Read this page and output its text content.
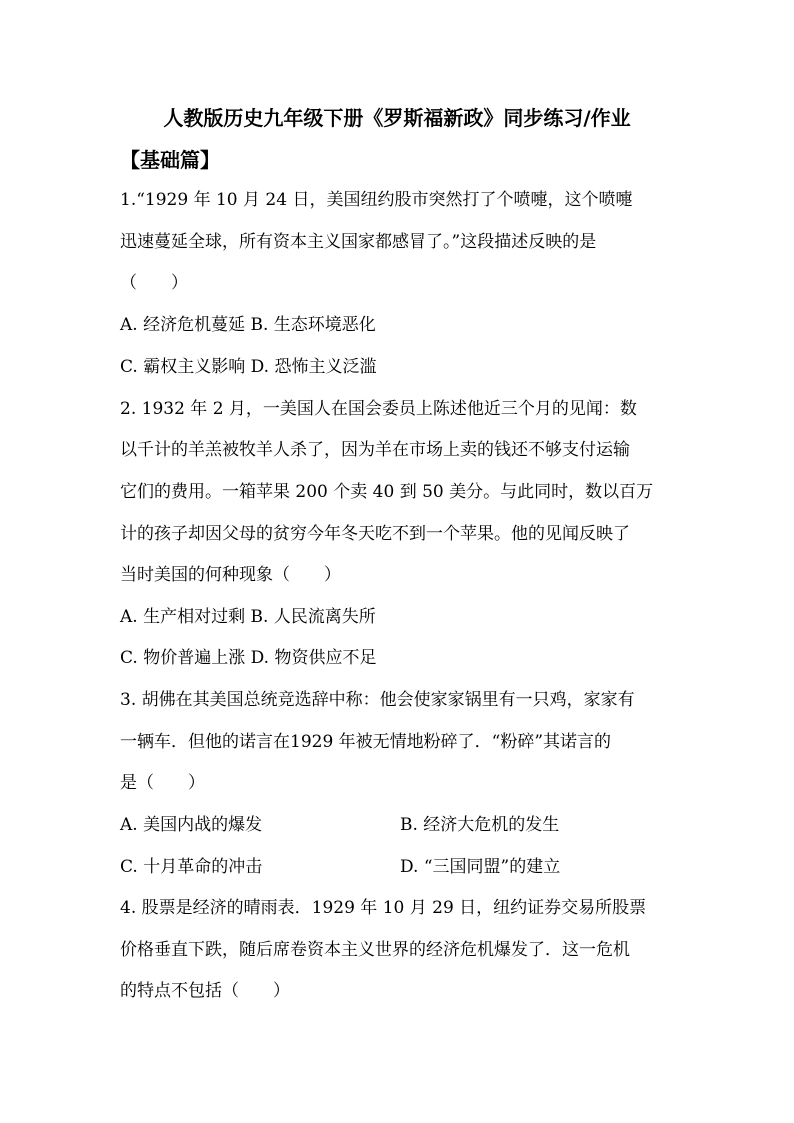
人教版历史九年级下册《罗斯福新政》同步练习/作业
【基础篇】
1.“1929 年 10 月 24 日，美国纽约股市突然打了个喷嚏，这个喷嚏
迅速蔓延全球，所有资本主义国家都感冒了。”这段描述反映的是
（　　）
A. 经济危机蔓延 B. 生态环境恶化
C. 霸权主义影响 D. 恐怖主义泛滥
2. 1932 年 2 月，一美国人在国会委员上陈述他近三个月的见闻：数
以千计的羊羔被牧羊人杀了，因为羊在市场上卖的钱还不够支付运输
它们的费用。一箱苹果 200 个卖 40 到 50 美分。与此同时，数以百万
计的孩子却因父母的贫穷今年冬天吃不到一个苹果。他的见闻反映了
当时美国的何种现象（　　）
A. 生产相对过剩 B. 人民流离失所
C. 物价普遍上涨 D. 物资供应不足
3. 胡佛在其美国总统竞选辞中称：他会使家家锅里有一只鸡，家家有
一辆车．但他的诺言在1929 年被无情地粉碎了．“粉碎”其诺言的
是（　　）
A. 美国内战的爆发	B. 经济大危机的发生
C. 十月革命的冲击	D. “三国同盟”的建立
4. 股票是经济的晴雨表．1929 年 10 月 29 日，纽约证券交易所股票
价格垂直下跌，随后席卷资本主义世界的经济危机爆发了．这一危机
的特点不包括（　　）
